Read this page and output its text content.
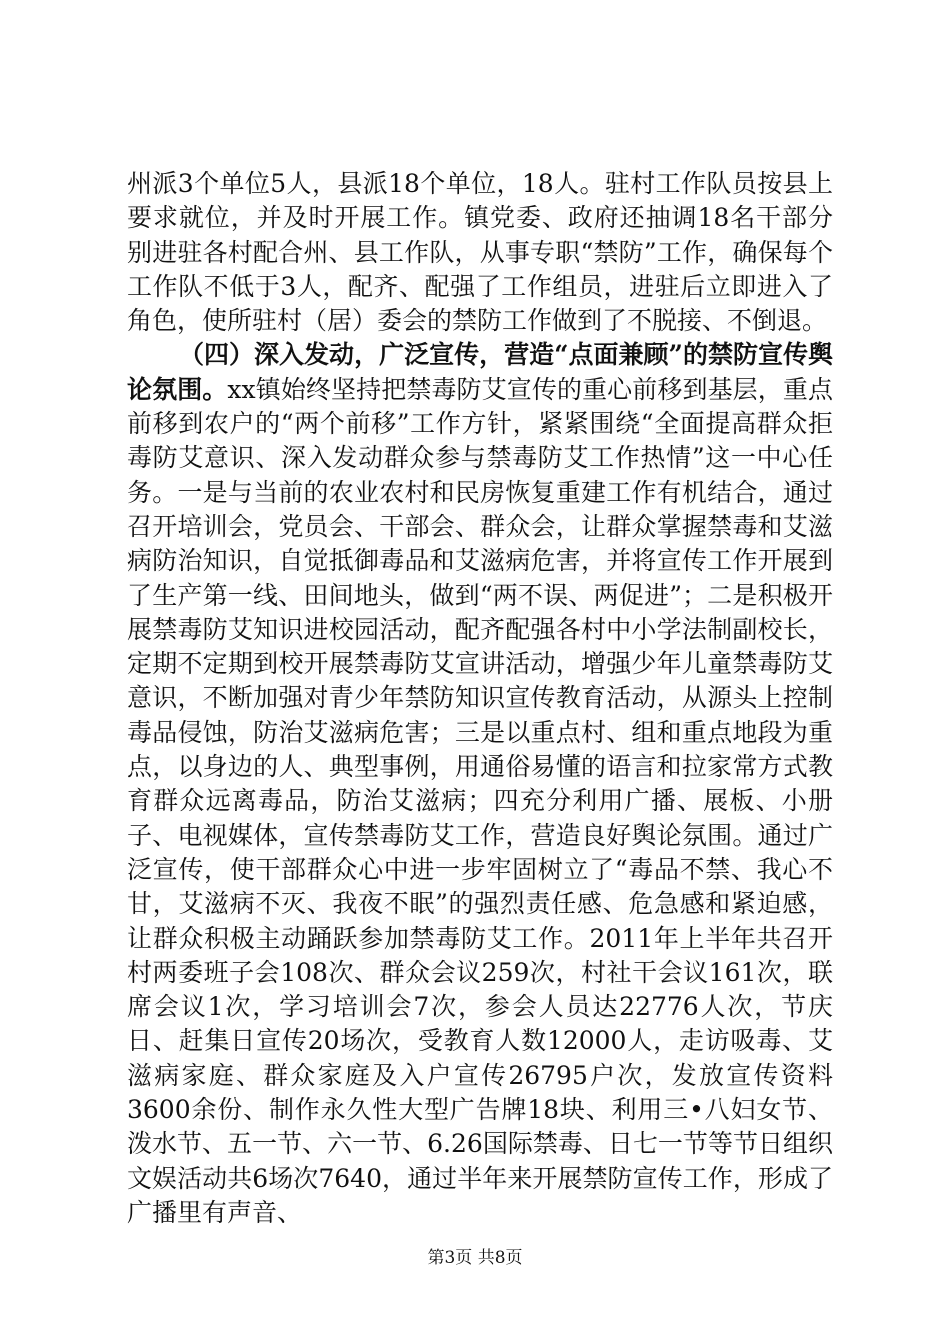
州派3个单位5人，县派18个单位，18人。驻村工作队员按县上要求就位，并及时开展工作。镇党委、政府还抽调18名干部分别进驻各村配合州、县工作队，从事专职“禁防”工作，确保每个工作队不低于3人，配齐、配强了工作组员，进驻后立即进入了角色，使所驻村（居）委会的禁防工作做到了不脱接、不倒退。

（四）深入发动，广泛宣传，营造“点面兼顾”的禁防宣传舆论氛围。xx镇始终坚持把禁毒防艾宣传的重心前移到基层，重点前移到农户的“两个前移”工作方针，紧紧围绕“全面提高群众拒毒防艾意识、深入发动群众参与禁毒防艾工作热情”这一中心任务。一是与当前的农业农村和民房恢复重建工作有机结合，通过召开培训会，党员会、干部会、群众会，让群众掌握禁毒和艾滋病防治知识，自觉抵御毒品和艾滋病危害，并将宣传工作开展到了生产第一线、田间地头，做到“两不误、两促进”；二是积极开展禁毒防艾知识进校园活动，配齐配强各村中小学法制副校长，定期不定期到校开展禁毒防艾宣讲活动，增强少年儿童禁毒防艾意识，不断加强对青少年禁防知识宣传教育活动，从源头上控制毒品侵蚀，防治艾滋病危害；三是以重点村、组和重点地段为重点，以身边的人、典型事例，用通俗易懂的语言和拉家常方式教育群众远离毒品，防治艾滋病；四充分利用广播、展板、小册子、电视媒体，宣传禁毒防艾工作，营造良好舆论氛围。通过广泛宣传，使干部群众心中进一步牢固树立了“毒品不禁、我心不甘，艾滋病不灭、我夜不眠”的强烈责任感、危急感和紧迫感，让群众积极主动踊跃参加禁毒防艾工作。2011年上半年共召开村两委班子会108次、群众会议259次，村社干会议161次，联席会议1次，学习培训会7次，参会人员达22776人次，节庆日、赶集日宣传20场次，受教育人数12000人，走访吸毒、艾滋病家庭、群众家庭及入户宣传26795户次，发放宣传资料3600余份、制作永久性大型广告牌18块、利用三•八妇女节、泼水节、五一节、六一节、6.26国际禁毒、日七一节等节日组织文娱活动共6场次7640，通过半年来开展禁防宣传工作，形成了广播里有声音、

第3页 共8页
